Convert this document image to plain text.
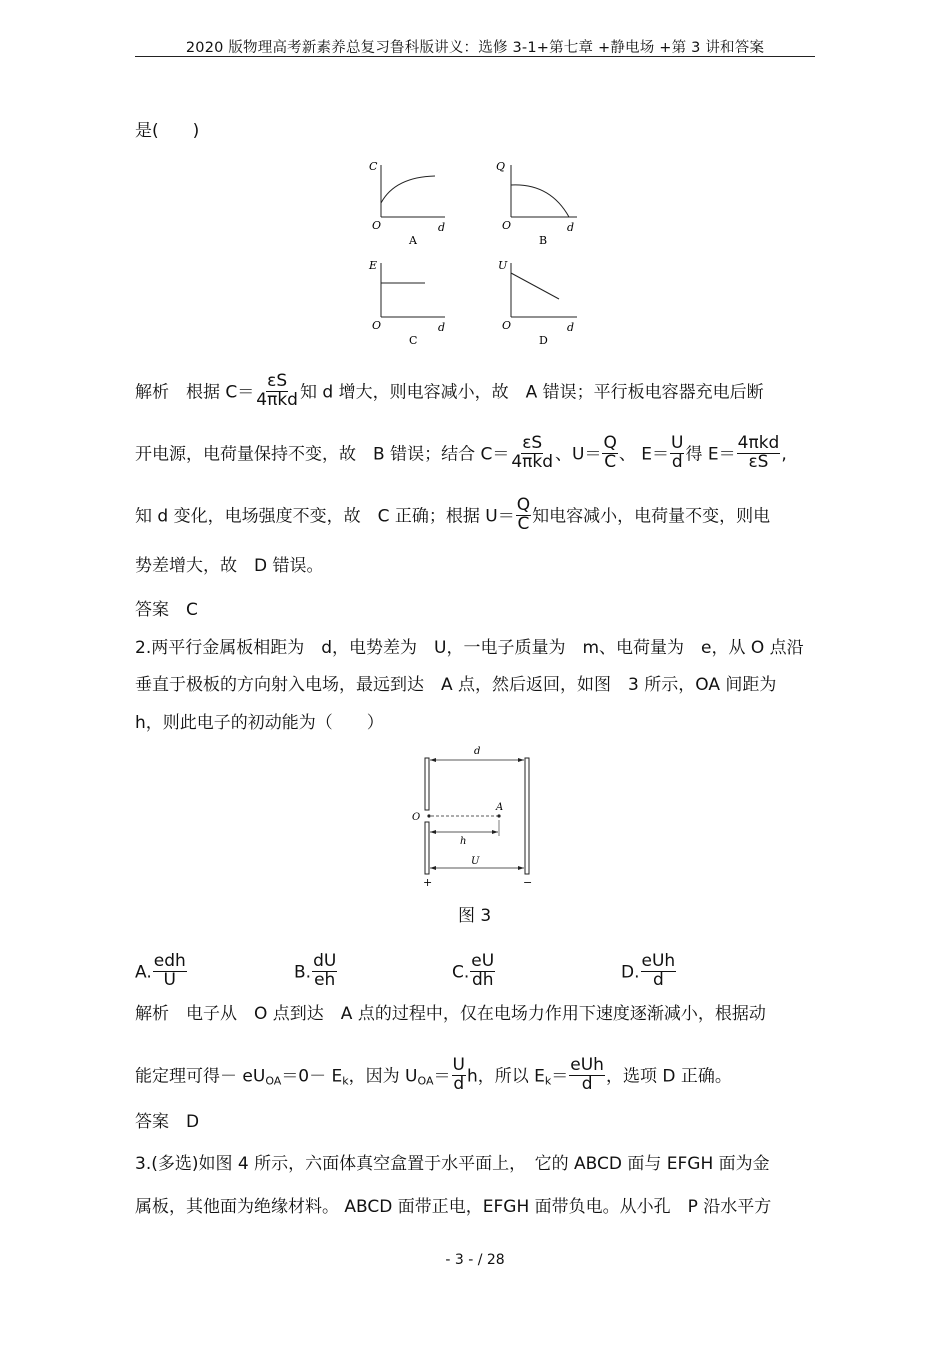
2020 版物理高考新素养总复习鲁科版讲义：选修 3-1+第七章 +静电场 +第 3 讲和答案
是(　　)
C
O	d
A
Q
O	d
B
E
O	d
C
U
O	d
D
解析　根据 $C= \frac{\varepsilon S}{\text{4πkd}}$ 知 d 增大，则电容减小，故　A 错误；平行板电容器充电后断
开电源，电荷量保持不变，故　B 错误；结合 $C= \frac{\varepsilon S}{\text{4πkd}}$ 、$U= \frac{Q}{C}$ 、 $E= \frac{U}{d}$ 得 $E= \frac{\text{4πkd}}{\varepsilon S}$ ,
知 d 变化，电场强度不变，故　C 正确；根据 $U= \frac{Q}{C}$ 知电容减小，电荷量不变，则电
势差增大，故　D 错误。
答案　C
2.两平行金属板相距为　d，电势差为　U，一电子质量为　m、电荷量为　e，从 O 点沿
垂直于极板的方向射入电场，最远到达　A 点，然后返回，如图　3 所示，OA 间距为
h，则此电子的初动能为（　　）
d
A
O
h
U
+	−
图 3
A. $\frac{\text{edh}}{U}$	B. $\frac{dU}{eh}$	C. $\frac{eU}{dh}$	D. $\frac{\text{eUh}}{d}$
解析　电子从　O 点到达　A 点的过程中，仅在电场力作用下速度逐渐减小，根据动
能定理可得－ $eU_{OA}=0- E_k$，因为 $U_{OA}= \frac{U}{d}$ h，所以 $E_k= \frac{\text{eUh}}{d}$ ，选项 D 正确。
答案　D
3.(多选)如图 4 所示，六面体真空盒置于水平面上，　它的 ABCD 面与 EFGH 面为金
属板，其他面为绝缘材料。 ABCD 面带正电，EFGH 面带负电。从小孔　P 沿水平方
- 3 - / 28
